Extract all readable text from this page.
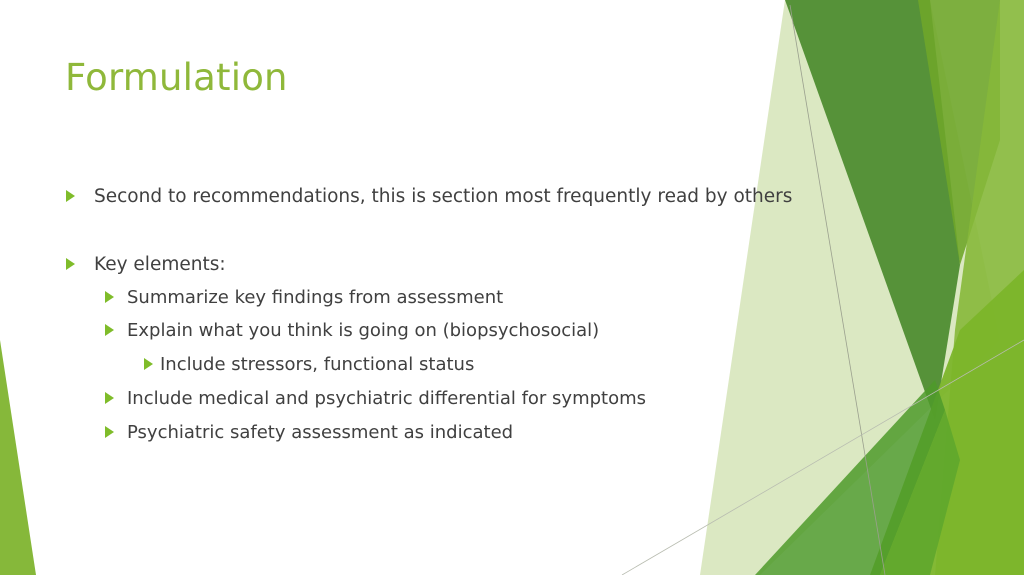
Formulation
Second to recommendations, this is section most frequently read by others
Key elements:
Summarize key findings from assessment
Explain what you think is going on (biopsychosocial)
Include stressors, functional status
Include medical and psychiatric differential for symptoms
Psychiatric safety assessment as indicated
